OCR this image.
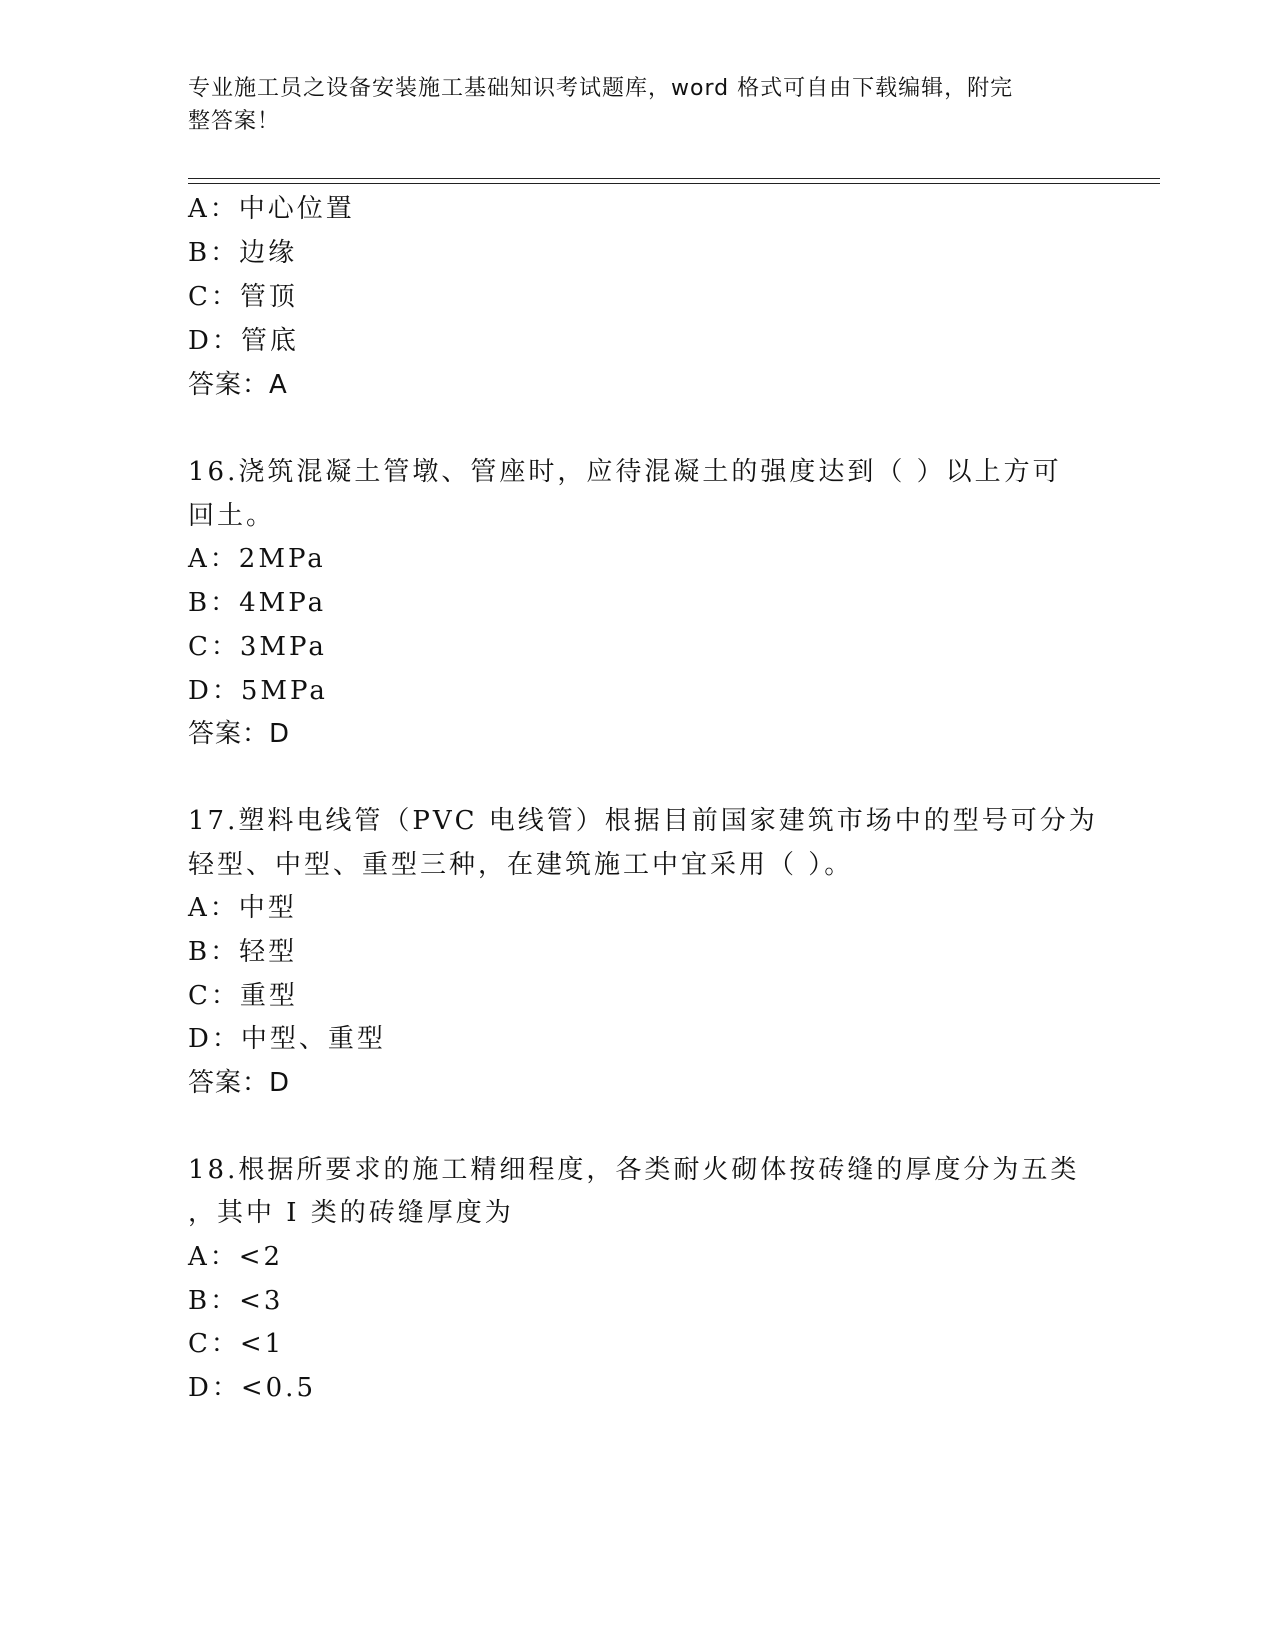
专业施工员之设备安装施工基础知识考试题库，word 格式可自由下载编辑，附完
整答案！
A：中心位置
B：边缘
C：管顶
D：管底
答案：A
16.浇筑混凝土管墩、管座时，应待混凝土的强度达到（ ）以上方可
回土。
A：2MPa
B：4MPa
C：3MPa
D：5MPa
答案：D
17.塑料电线管（PVC 电线管）根据目前国家建筑市场中的型号可分为
轻型、中型、重型三种，在建筑施工中宜采用（ ）。
A：中型
B：轻型
C：重型
D：中型、重型
答案：D
18.根据所要求的施工精细程度，各类耐火砌体按砖缝的厚度分为五类
，其中 I 类的砖缝厚度为
A：<2
B：<3
C：<1
D：<0.5
